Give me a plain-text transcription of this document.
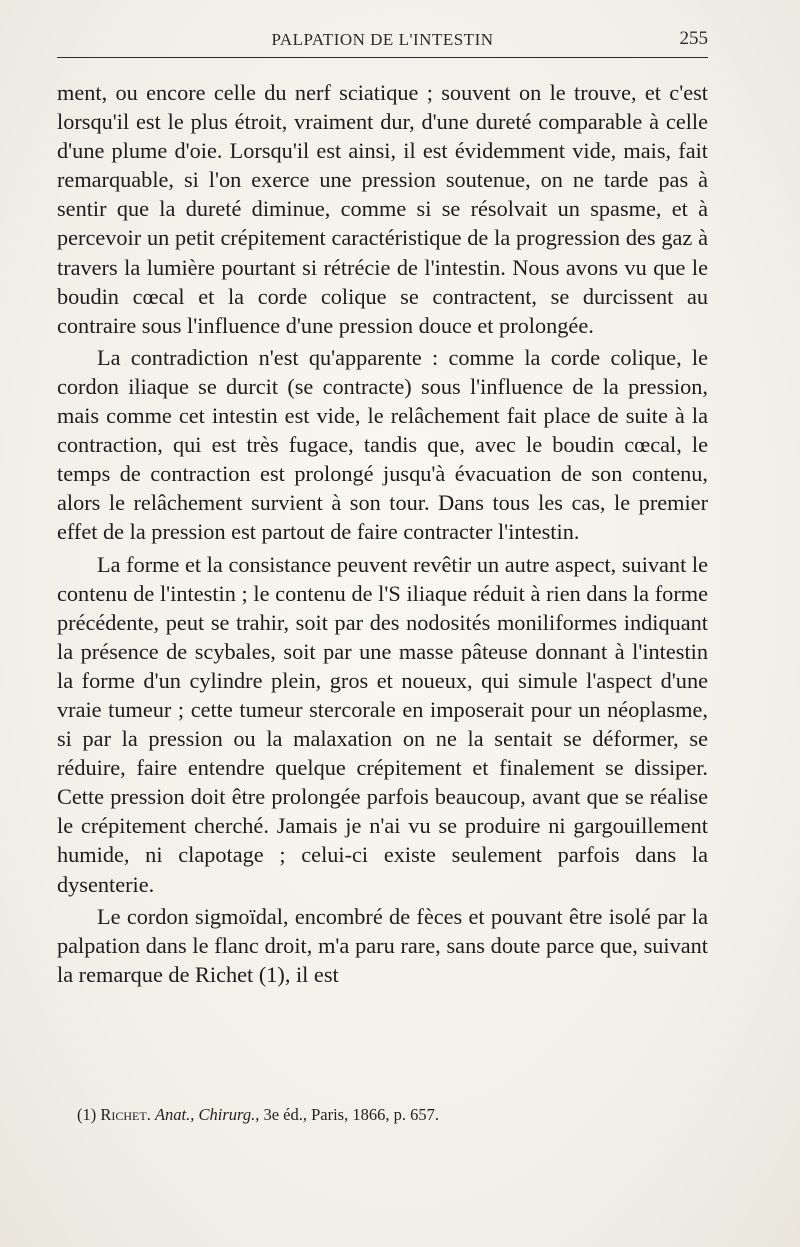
PALPATION DE L'INTESTIN	255

ment, ou encore celle du nerf sciatique ; souvent on le trouve, et c'est lorsqu'il est le plus étroit, vraiment dur, d'une dureté comparable à celle d'une plume d'oie. Lorsqu'il est ainsi, il est évidemment vide, mais, fait remarquable, si l'on exerce une pression soutenue, on ne tarde pas à sentir que la dureté diminue, comme si se résolvait un spasme, et à percevoir un petit crépitement caractéristique de la progression des gaz à travers la lumière pourtant si rétrécie de l'intestin. Nous avons vu que le boudin cœcal et la corde colique se contractent, se durcissent au contraire sous l'influence d'une pression douce et prolongée.

La contradiction n'est qu'apparente : comme la corde colique, le cordon iliaque se durcit (se contracte) sous l'influence de la pression, mais comme cet intestin est vide, le relâchement fait place de suite à la contraction, qui est très fugace, tandis que, avec le boudin cœcal, le temps de contraction est prolongé jusqu'à évacuation de son contenu, alors le relâchement survient à son tour. Dans tous les cas, le premier effet de la pression est partout de faire contracter l'intestin.

La forme et la consistance peuvent revêtir un autre aspect, suivant le contenu de l'intestin ; le contenu de l'S iliaque réduit à rien dans la forme précédente, peut se trahir, soit par des nodosités moniliformes indiquant la présence de scybales, soit par une masse pâteuse donnant à l'intestin la forme d'un cylindre plein, gros et noueux, qui simule l'aspect d'une vraie tumeur ; cette tumeur stercorale en imposerait pour un néoplasme, si par la pression ou la malaxation on ne la sentait se déformer, se réduire, faire entendre quelque crépitement et finalement se dissiper. Cette pression doit être prolongée parfois beaucoup, avant que se réalise le crépitement cherché. Jamais je n'ai vu se produire ni gargouillement humide, ni clapotage ; celui-ci existe seulement parfois dans la dysenterie.

Le cordon sigmoïdal, encombré de fèces et pouvant être isolé par la palpation dans le flanc droit, m'a paru rare, sans doute parce que, suivant la remarque de Richet (1), il est

(1) Richet. Anat., Chirurg., 3e éd., Paris, 1866, p. 657.
